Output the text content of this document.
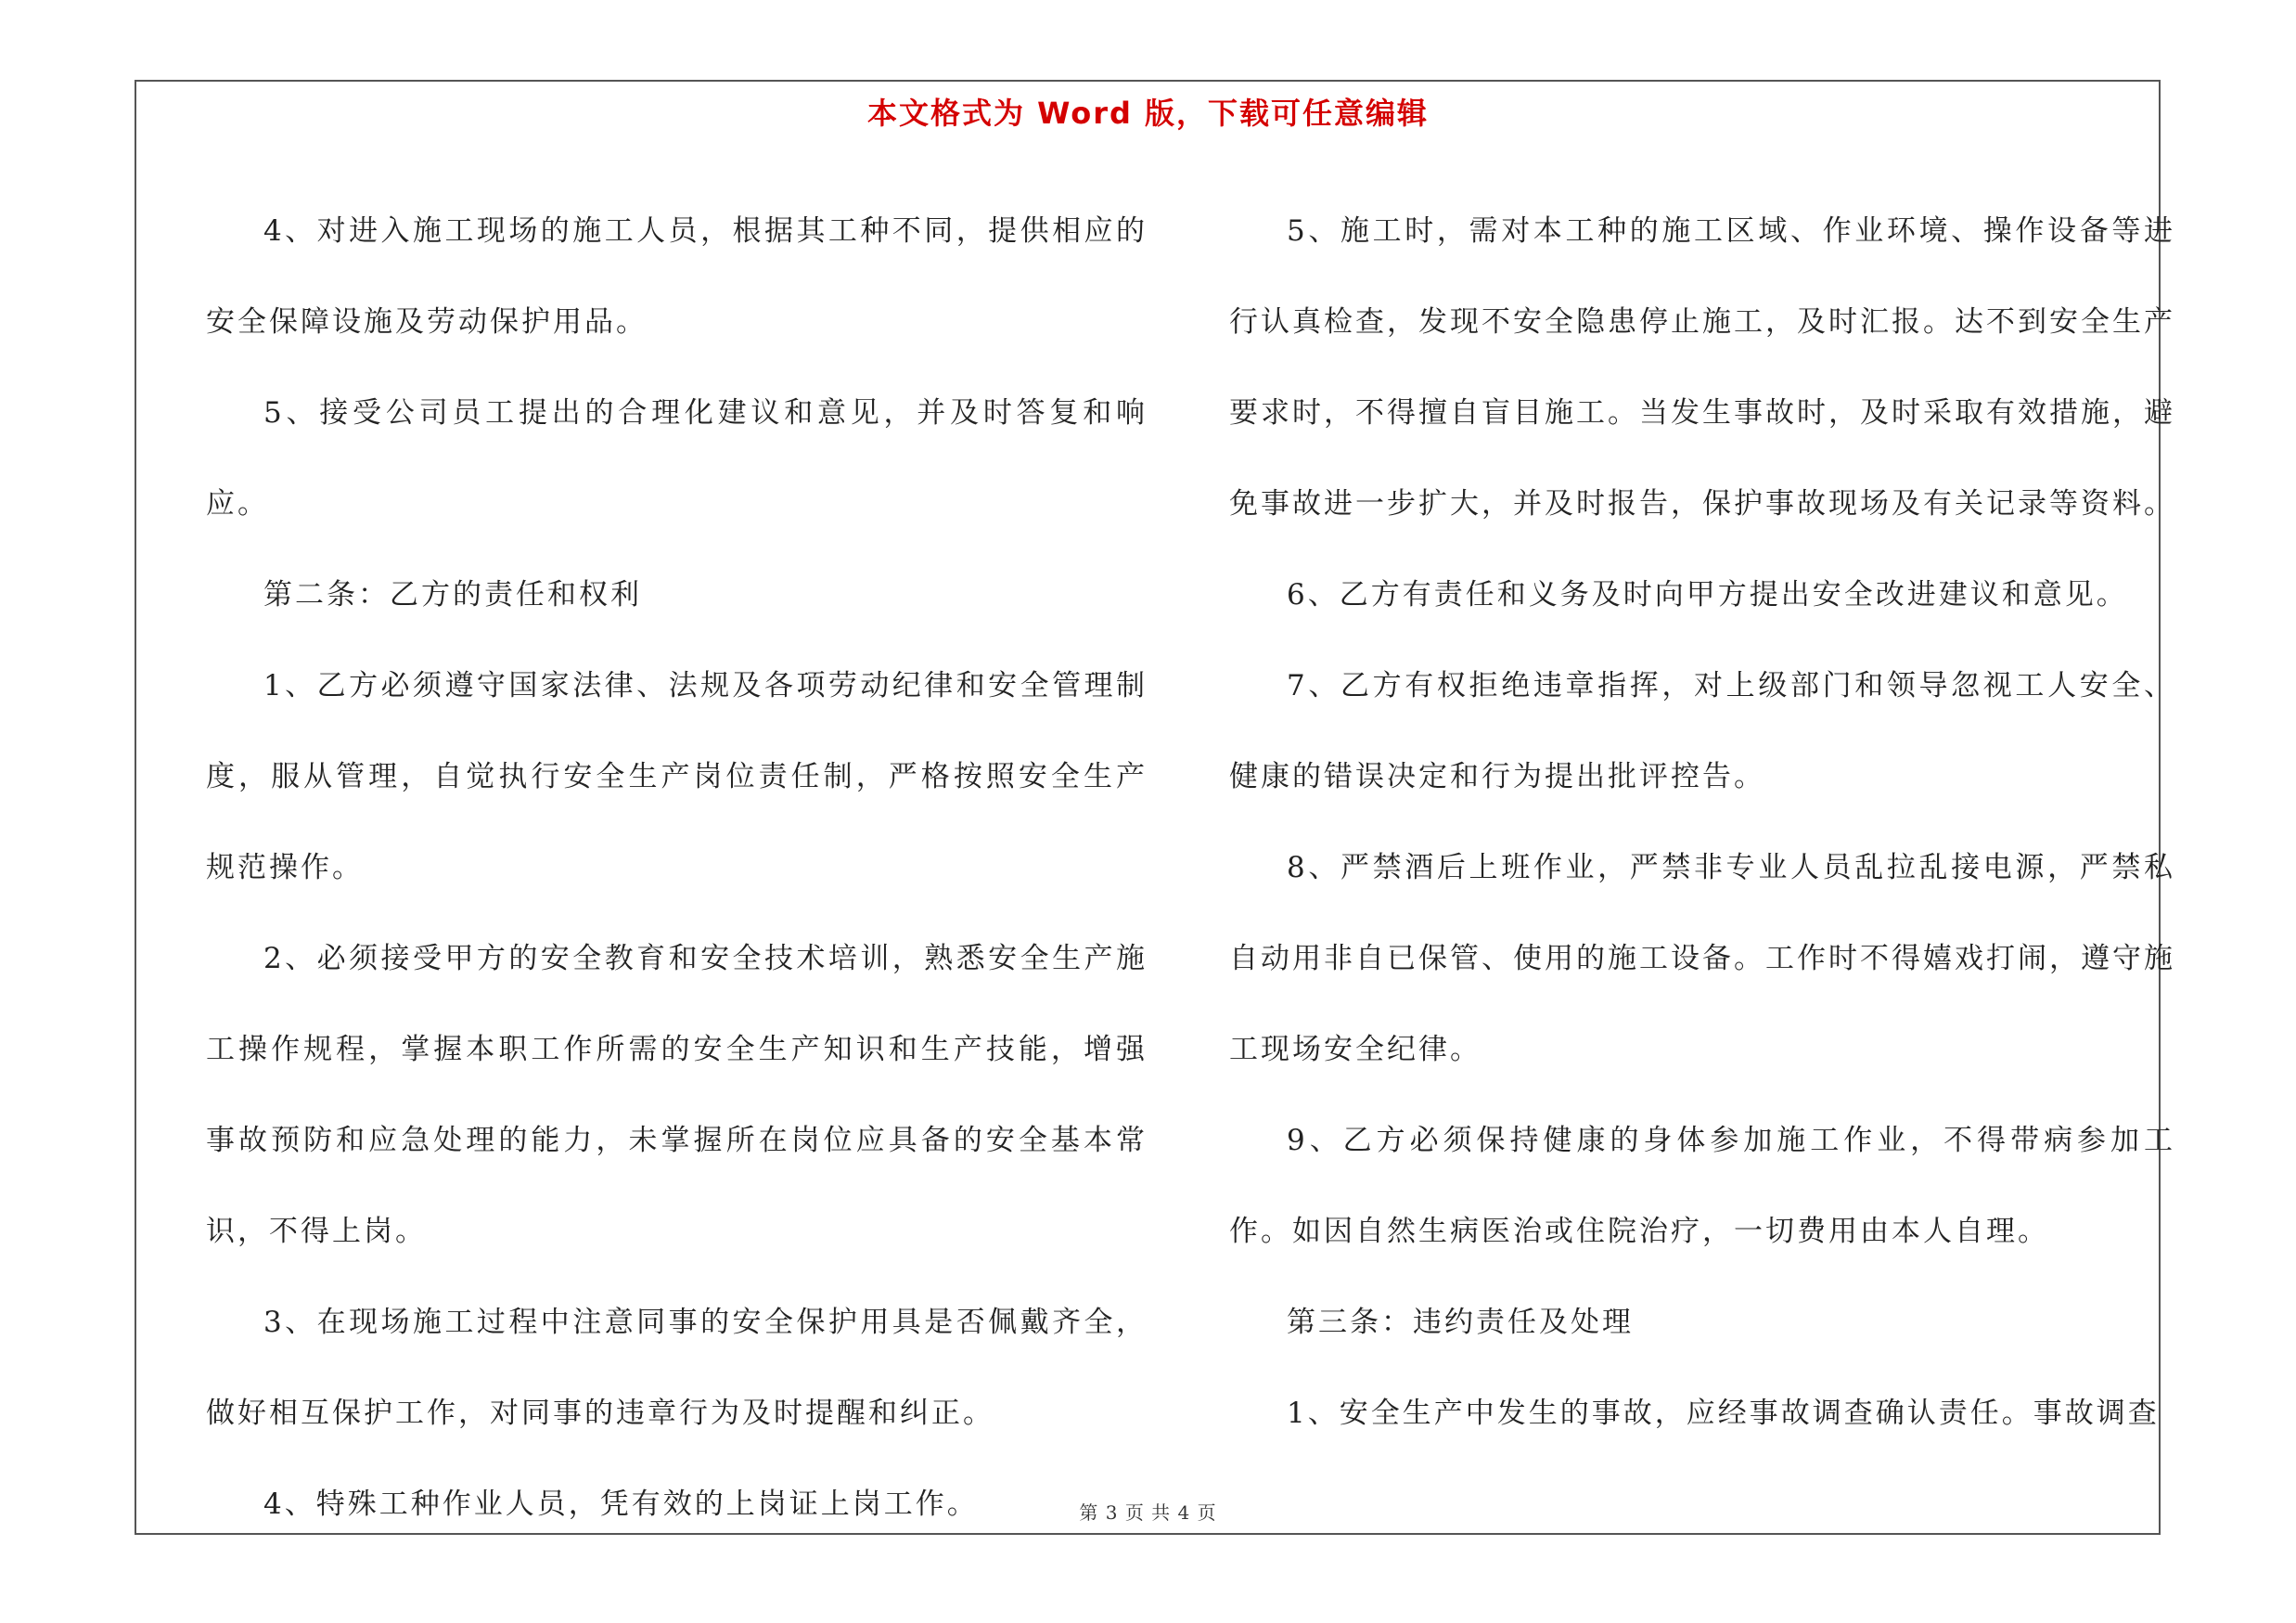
本文格式为 Word 版，下载可任意编辑

4、对进入施工现场的施工人员，根据其工种不同，提供相应的安全保障设施及劳动保护用品。

5、接受公司员工提出的合理化建议和意见，并及时答复和响应。

第二条：乙方的责任和权利

1、乙方必须遵守国家法律、法规及各项劳动纪律和安全管理制度，服从管理，自觉执行安全生产岗位责任制，严格按照安全生产规范操作。

2、必须接受甲方的安全教育和安全技术培训，熟悉安全生产施工操作规程，掌握本职工作所需的安全生产知识和生产技能，增强事故预防和应急处理的能力，未掌握所在岗位应具备的安全基本常识，不得上岗。

3、在现场施工过程中注意同事的安全保护用具是否佩戴齐全，做好相互保护工作，对同事的违章行为及时提醒和纠正。

4、特殊工种作业人员，凭有效的上岗证上岗工作。

5、施工时，需对本工种的施工区域、作业环境、操作设备等进行认真检查，发现不安全隐患停止施工，及时汇报。达不到安全生产要求时，不得擅自盲目施工。当发生事故时，及时采取有效措施，避免事故进一步扩大，并及时报告，保护事故现场及有关记录等资料。

6、乙方有责任和义务及时向甲方提出安全改进建议和意见。

7、乙方有权拒绝违章指挥，对上级部门和领导忽视工人安全、健康的错误决定和行为提出批评控告。

8、严禁酒后上班作业，严禁非专业人员乱拉乱接电源，严禁私自动用非自已保管、使用的施工设备。工作时不得嬉戏打闹，遵守施工现场安全纪律。

9、乙方必须保持健康的身体参加施工作业，不得带病参加工作。如因自然生病医治或住院治疗，一切费用由本人自理。

第三条：违约责任及处理

1、安全生产中发生的事故，应经事故调查确认责任。事故调查

第 3 页 共 4 页
